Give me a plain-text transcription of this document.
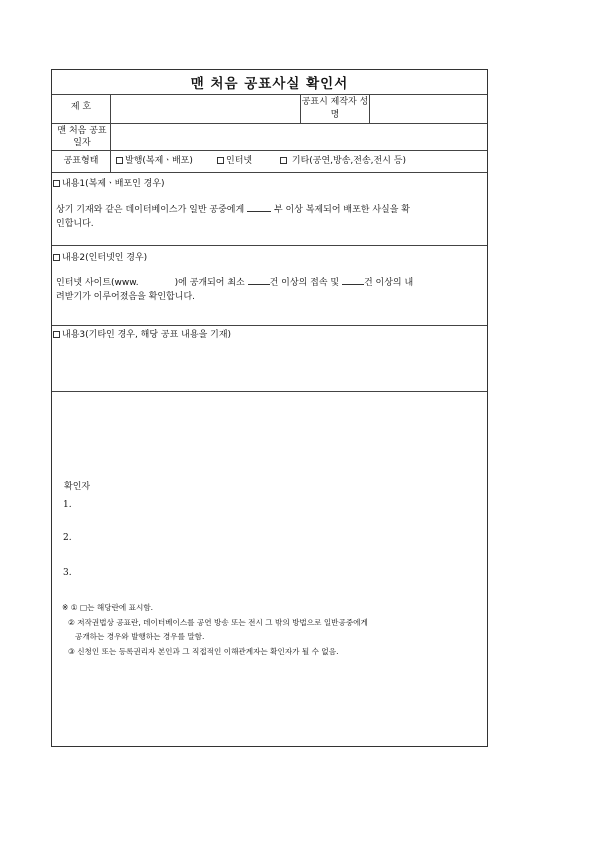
맨 처음 공표사실 확인서
제 호	공표시 제작자 성명
맨 처음 공표일자
공표형태	발행(복제ㆍ배포)	인터넷	기타(공연,방송,전송,전시 등)
내용1(복제ㆍ배포인 경우)
상기 기재와 같은 데이터베이스가 일반 공중에게	부 이상 복제되어 배포한 사실을 확
인합니다.
내용2(인터넷인 경우)
인터넷 사이트(www.	)에 공개되어 최소	건 이상의 접속 및	건 이상의 내
려받기가 이루어졌음을 확인합니다.
내용3(기타인 경우, 해당 공표 내용을 기재)
확인자
1.
2.
3.
※ ① □는 해당란에 표시함.
② 저작권법상 공표란, 데이터베이스를 공연 방송 또는 전시 그 밖의 방법으로 일반공중에게
공개하는 경우와 발행하는 경우를 말함.
③ 신청인 또는 등록권리자 본인과 그 직접적인 이해관계자는 확인자가 될 수 없음.
